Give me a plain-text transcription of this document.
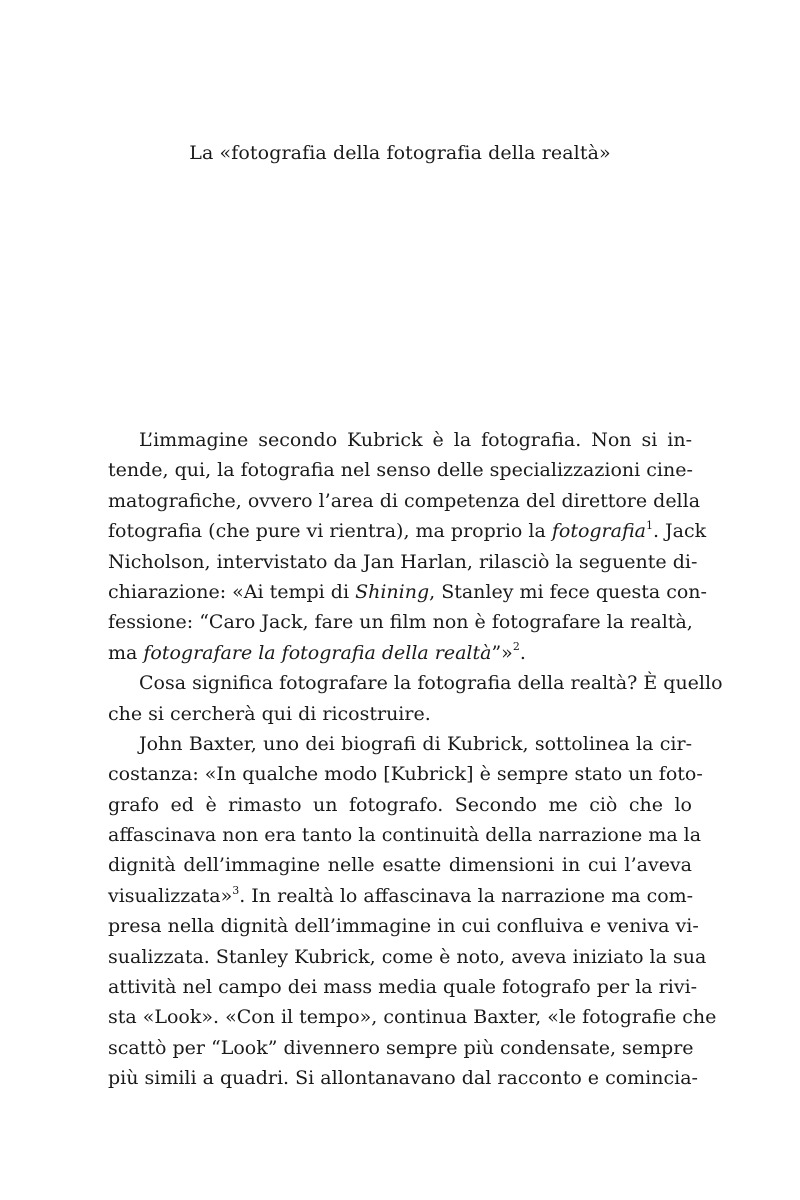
La «fotografia della fotografia della realtà»
L’immagine secondo Kubrick è la fotografia. Non si in-
tende, qui, la fotografia nel senso delle specializzazioni cine-
matografiche, ovvero l’area di competenza del direttore della
fotografia (che pure vi rientra), ma proprio la fotografia$^1$. Jack
Nicholson, intervistato da Jan Harlan, rilasciò la seguente di-
chiarazione: «Ai tempi di Shining, Stanley mi fece questa con-
fessione: “Caro Jack, fare un film non è fotografare la realtà,
ma fotografare la fotografia della realtà”»$^2$.
Cosa significa fotografare la fotografia della realtà? È quello
che si cercherà qui di ricostruire.
John Baxter, uno dei biografi di Kubrick, sottolinea la cir-
costanza: «In qualche modo [Kubrick] è sempre stato un foto-
grafo ed è rimasto un fotografo. Secondo me ciò che lo
affascinava non era tanto la continuità della narrazione ma la
dignità dell’immagine nelle esatte dimensioni in cui l’aveva
visualizzata»$^3$. In realtà lo affascinava la narrazione ma com-
presa nella dignità dell’immagine in cui confluiva e veniva vi-
sualizzata. Stanley Kubrick, come è noto, aveva iniziato la sua
attività nel campo dei mass media quale fotografo per la rivi-
sta «Look». «Con il tempo», continua Baxter, «le fotografie che
scattò per “Look” divennero sempre più condensate, sempre
più simili a quadri. Si allontanavano dal racconto e comincia-
